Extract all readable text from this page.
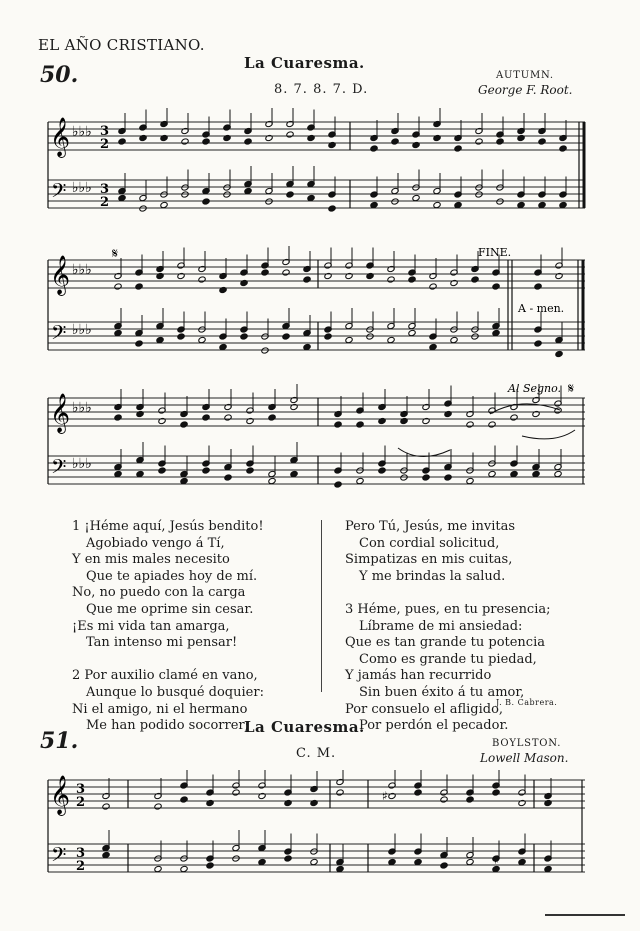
EL AÑO CRISTIANO.
50.	La Cuaresma.
8. 7. 8. 7. D.
AUTUMN.
George F. Root.
𝄞
𝄢
♭♭♭
♭♭♭
3
2
3
2
𝄞
𝄢
♭♭♭
♭♭♭
𝄋	FINE.
A - men.
𝄞
𝄢
♭♭♭
♭♭♭
Al Segno. 𝄋
1 ¡Héme aquí, Jesús bendito!
Agobiado vengo á Tí,
Y en mis males necesito
Que te apiades hoy de mí.
No, no puedo con la carga
Que me oprime sin cesar.
¡Es mi vida tan amarga,
Tan intenso mi pensar!

2 Por auxilio clamé en vano,
Aunque lo busqué doquier:
Ni el amigo, ni el hermano
Me han podido socorrer;
Pero Tú, Jesús, me invitas
Con cordial solicitud,
Simpatizas en mis cuitas,
Y me brindas la salud.

3 Héme, pues, en tu presencia;
Líbrame de mi ansiedad:
Que es tan grande tu potencia
Como es grande tu piedad,
Y jamás han recurrido
Sin buen éxito á tu amor,
Por consuelo el afligido,
Por perdón el pecador.
J. B. Cabrera.
51.
La Cuaresma.
C. M.
BOYLSTON.
Lowell Mason.
𝄞
𝄢
3
2
3
2
♯
